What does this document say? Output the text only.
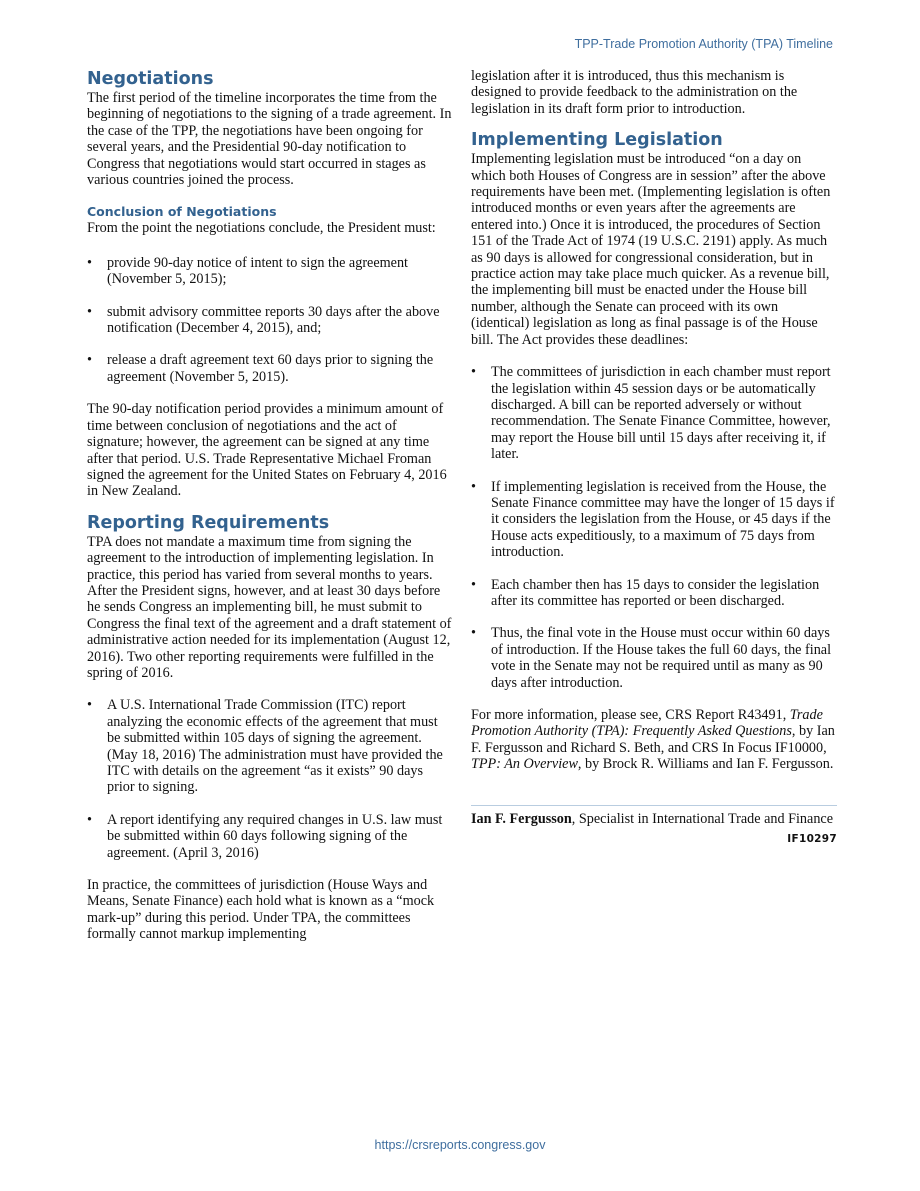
TPP-Trade Promotion Authority (TPA) Timeline
Negotiations

The first period of the timeline incorporates the time from the beginning of negotiations to the signing of a trade agreement. In the case of the TPP, the negotiations have been ongoing for several years, and the Presidential 90-day notification to Congress that negotiations would start occurred in stages as various countries joined the process.

Conclusion of Negotiations

From the point the negotiations conclude, the President must:

•	provide 90-day notice of intent to sign the agreement (November 5, 2015);
•	submit advisory committee reports 30 days after the above notification (December 4, 2015), and;
•	release a draft agreement text 60 days prior to signing the agreement (November 5, 2015).

The 90-day notification period provides a minimum amount of time between conclusion of negotiations and the act of signature; however, the agreement can be signed at any time after that period. U.S. Trade Representative Michael Froman signed the agreement for the United States on February 4, 2016 in New Zealand.

Reporting Requirements

TPA does not mandate a maximum time from signing the agreement to the introduction of implementing legislation. In practice, this period has varied from several months to years. After the President signs, however, and at least 30 days before he sends Congress an implementing bill, he must submit to Congress the final text of the agreement and a draft statement of administrative action needed for its implementation (August 12, 2016). Two other reporting requirements were fulfilled in the spring of 2016.

•	A U.S. International Trade Commission (ITC) report analyzing the economic effects of the agreement that must be submitted within 105 days of signing the agreement. (May 18, 2016) The administration must have provided the ITC with details on the agreement “as it exists” 90 days prior to signing.
•	A report identifying any required changes in U.S. law must be submitted within 60 days following signing of the agreement. (April 3, 2016)

In practice, the committees of jurisdiction (House Ways and Means, Senate Finance) each hold what is known as a “mock mark-up” during this period. Under TPA, the committees formally cannot markup implementing

legislation after it is introduced, thus this mechanism is designed to provide feedback to the administration on the legislation in its draft form prior to introduction.

Implementing Legislation

Implementing legislation must be introduced “on a day on which both Houses of Congress are in session” after the above requirements have been met. (Implementing legislation is often introduced months or even years after the agreements are entered into.) Once it is introduced, the procedures of Section 151 of the Trade Act of 1974 (19 U.S.C. 2191) apply. As much as 90 days is allowed for congressional consideration, but in practice action may take place much quicker. As a revenue bill, the implementing bill must be enacted under the House bill number, although the Senate can proceed with its own (identical) legislation as long as final passage is of the House bill. The Act provides these deadlines:

•	The committees of jurisdiction in each chamber must report the legislation within 45 session days or be automatically discharged. A bill can be reported adversely or without recommendation. The Senate Finance Committee, however, may report the House bill until 15 days after receiving it, if later.
•	If implementing legislation is received from the House, the Senate Finance committee may have the longer of 15 days if it considers the legislation from the House, or 45 days if the House acts expeditiously, to a maximum of 75 days from introduction.
•	Each chamber then has 15 days to consider the legislation after its committee has reported or been discharged.
•	Thus, the final vote in the House must occur within 60 days of introduction. If the House takes the full 60 days, the final vote in the Senate may not be required until as many as 90 days after introduction.

For more information, please see, CRS Report R43491, Trade Promotion Authority (TPA): Frequently Asked Questions, by Ian F. Fergusson and Richard S. Beth, and CRS In Focus IF10000, TPP: An Overview, by Brock R. Williams and Ian F. Fergusson.

Ian F. Fergusson, Specialist in International Trade and Finance

IF10297
https://crsreports.congress.gov
